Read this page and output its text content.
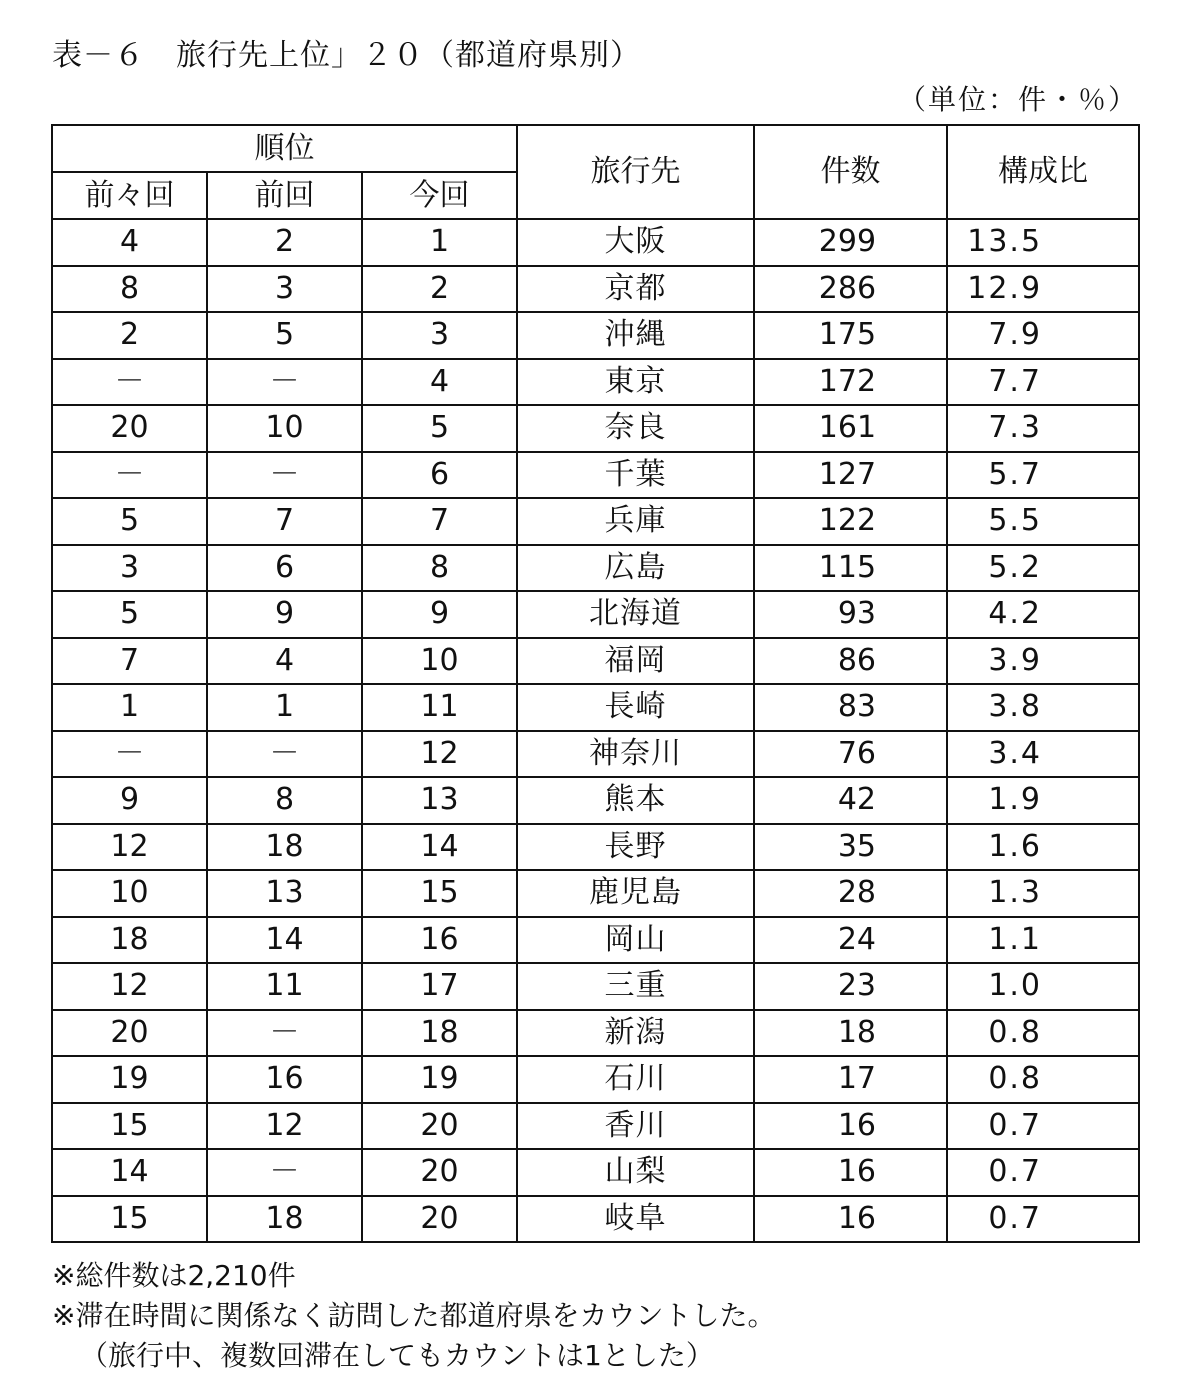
表－６　旅行先上位」２０（都道府県別）
（単位：件・％）
順位			旅行先	件数	構成比
前々回	前回	今回			
4	2	1	大阪	299	13.5
8	3	2	京都	286	12.9
2	5	3	沖縄	175	7.9
－	－	4	東京	172	7.7
20	10	5	奈良	161	7.3
－	－	6	千葉	127	5.7
5	7	7	兵庫	122	5.5
3	6	8	広島	115	5.2
5	9	9	北海道	93	4.2
7	4	10	福岡	86	3.9
1	1	11	長崎	83	3.8
－	－	12	神奈川	76	3.4
9	8	13	熊本	42	1.9
12	18	14	長野	35	1.6
10	13	15	鹿児島	28	1.3
18	14	16	岡山	24	1.1
12	11	17	三重	23	1.0
20	－	18	新潟	18	0.8
19	16	19	石川	17	0.8
15	12	20	香川	16	0.7
14	－	20	山梨	16	0.7
15	18	20	岐阜	16	0.7
※総件数は2,210件
※滞在時間に関係なく訪問した都道府県をカウントした。
（旅行中、複数回滞在してもカウントは1とした）
